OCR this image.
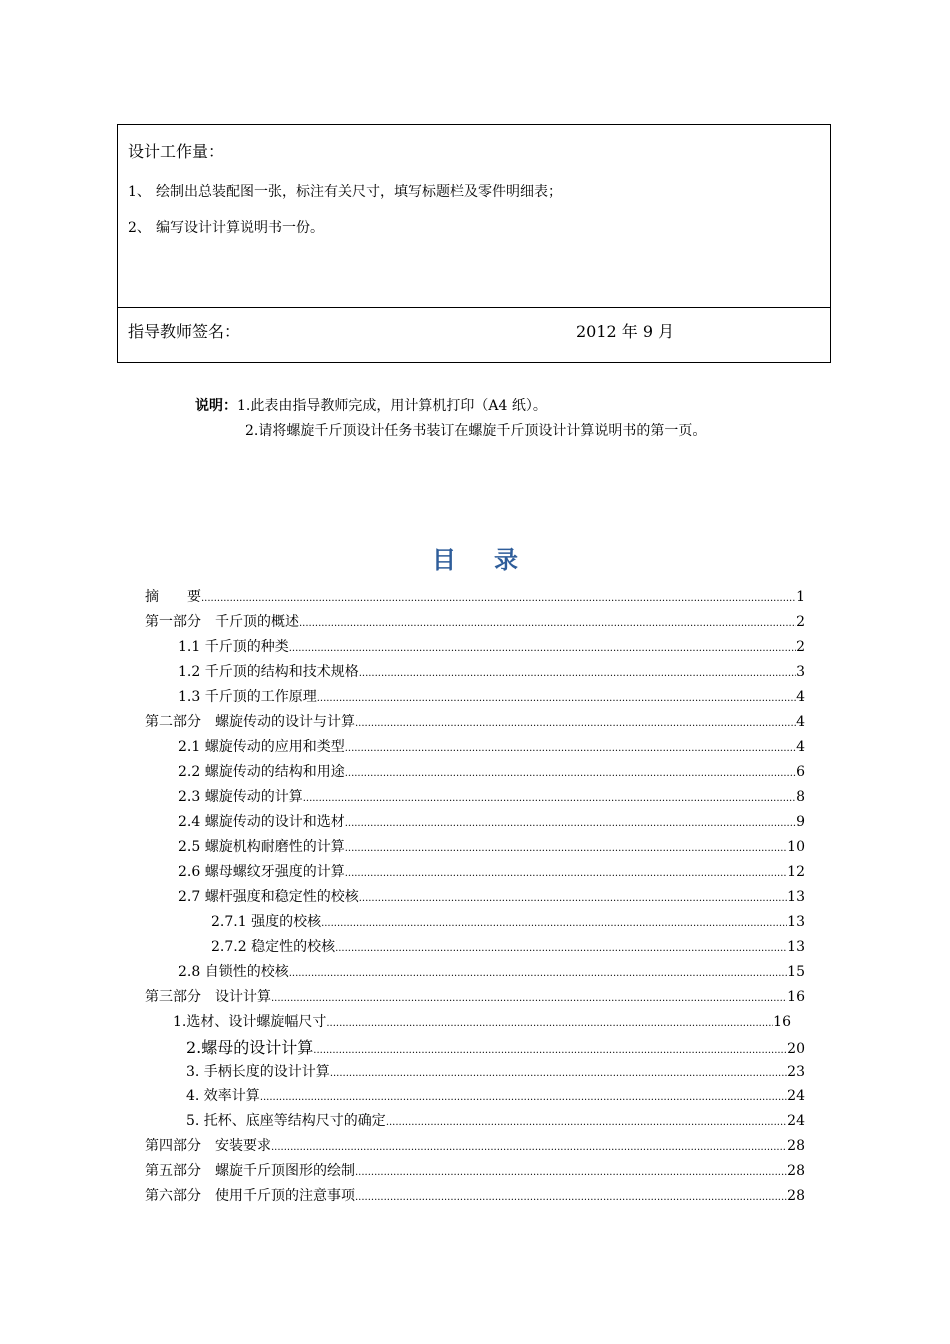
设计工作量：
1、 绘制出总装配图一张，标注有关尺寸，填写标题栏及零件明细表；
2、 编写设计计算说明书一份。
指导教师签名：	2012 年 9 月
说明：1.此表由指导教师完成，用计算机打印（A4 纸）。
2.请将螺旋千斤顶设计任务书装订在螺旋千斤顶设计计算说明书的第一页。
目录
摘　　要 .....	1
第一部分　千斤顶的概述 .....	2
1.1 千斤顶的种类 .....	2
1.2 千斤顶的结构和技术规格 .....	3
1.3 千斤顶的工作原理 .....	4
第二部分　螺旋传动的设计与计算 .....	4
2.1 螺旋传动的应用和类型 .....	4
2.2 螺旋传动的结构和用途 .....	6
2.3 螺旋传动的计算 .....	8
2.4 螺旋传动的设计和选材 .....	9
2.5 螺旋机构耐磨性的计算 .....	10
2.6 螺母螺纹牙强度的计算 .....	12
2.7 螺杆强度和稳定性的校核 .....	13
2.7.1 强度的校核 .....	13
2.7.2 稳定性的校核 .....	13
2.8 自锁性的校核 .....	15
第三部分　设计计算 .....	16
1.选材、设计螺旋幅尺寸 .....	16
2.螺母的设计计算 .....	20
3. 手柄长度的设计计算 .....	23
4. 效率计算 .....	24
5. 托杯、底座等结构尺寸的确定 .....	24
第四部分　安装要求 .....	28
第五部分　螺旋千斤顶图形的绘制 .....	28
第六部分　使用千斤顶的注意事项 .....	28
